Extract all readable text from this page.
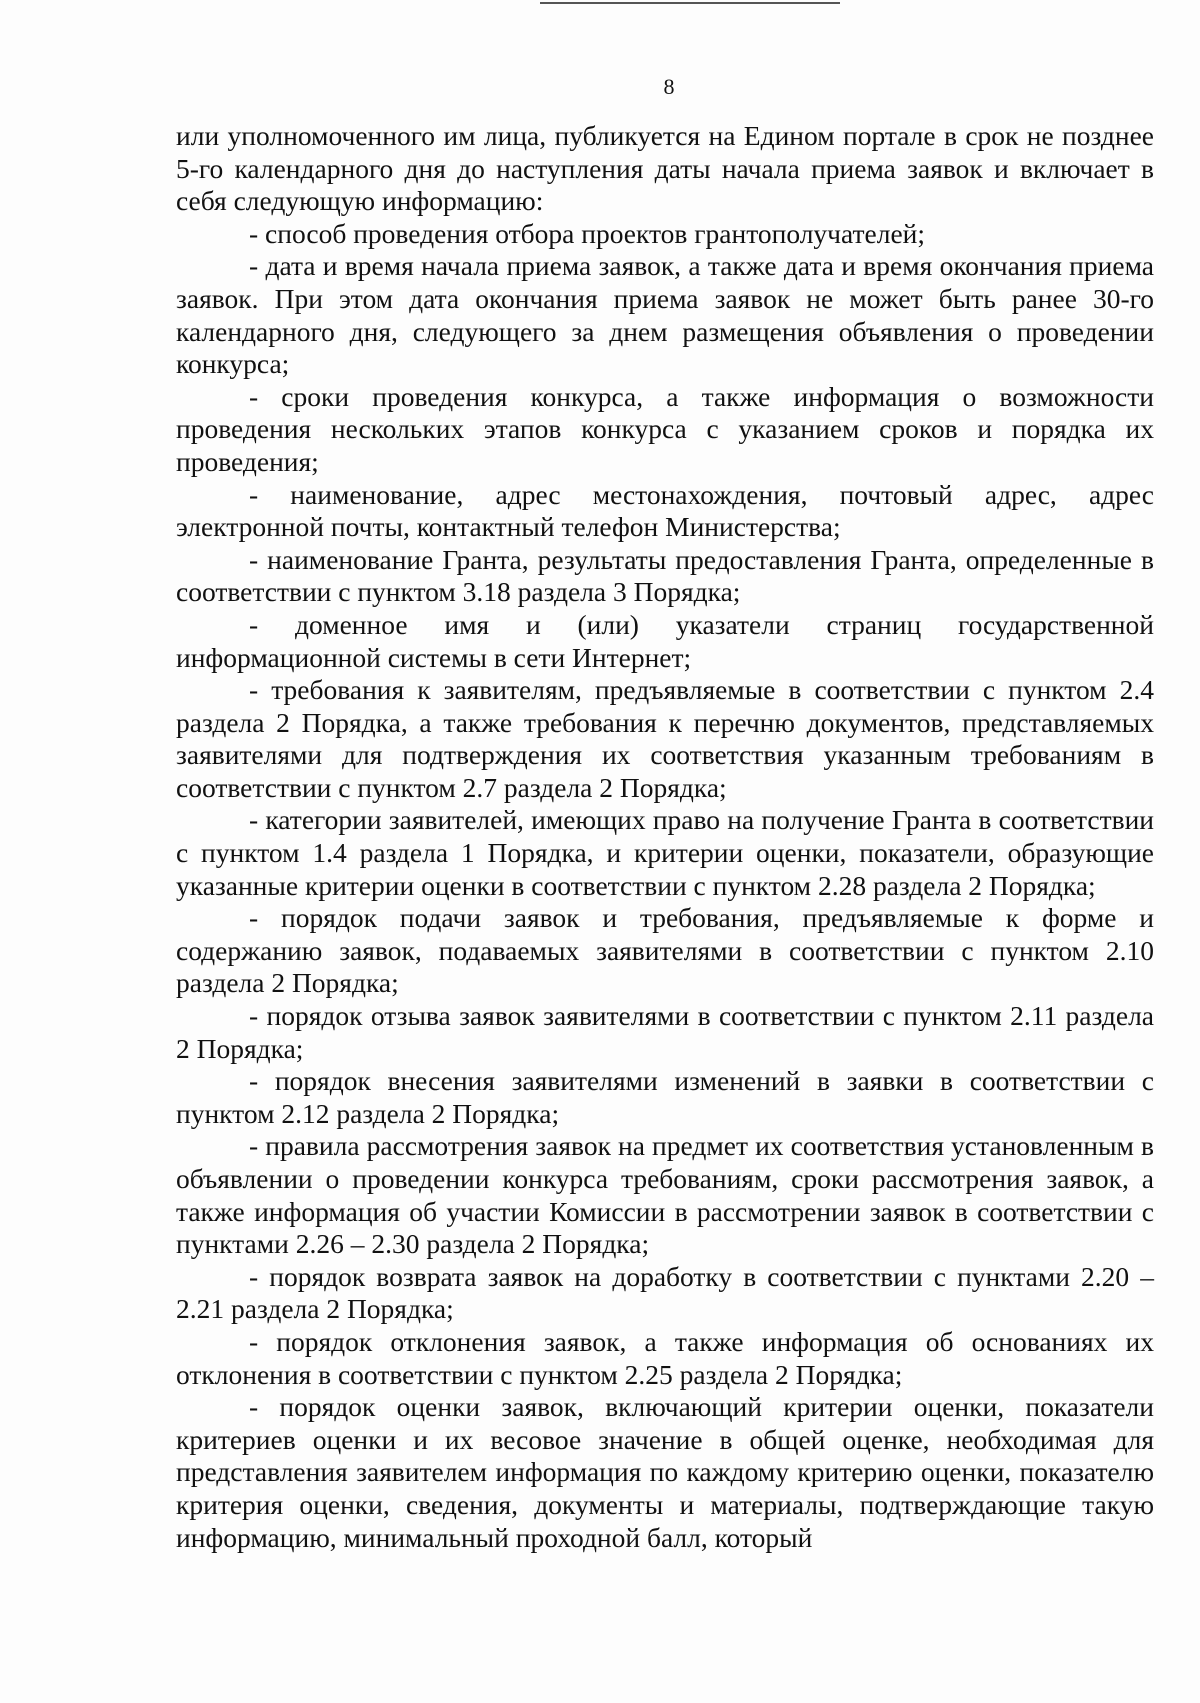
8

или уполномоченного им лица, публикуется на Едином портале в срок не позднее 5-го календарного дня до наступления даты начала приема заявок и включает в себя следующую информацию:

- способ проведения отбора проектов грантополучателей;

- дата и время начала приема заявок, а также дата и время окончания приема заявок. При этом дата окончания приема заявок не может быть ранее 30-го календарного дня, следующего за днем размещения объявления о проведении конкурса;

- сроки проведения конкурса, а также информация о возможности проведения нескольких этапов конкурса с указанием сроков и порядка их проведения;

- наименование, адрес местонахождения, почтовый адрес, адрес электронной почты, контактный телефон Министерства;

- наименование Гранта, результаты предоставления Гранта, определенные в соответствии с пунктом 3.18 раздела 3 Порядка;

- доменное имя и (или) указатели страниц государственной информационной системы в сети Интернет;

- требования к заявителям, предъявляемые в соответствии с пунктом 2.4 раздела 2 Порядка, а также требования к перечню документов, представляемых заявителями для подтверждения их соответствия указанным требованиям в соответствии с пунктом 2.7 раздела 2 Порядка;

- категории заявителей, имеющих право на получение Гранта в соответствии с пунктом 1.4 раздела 1 Порядка, и критерии оценки, показатели, образующие указанные критерии оценки в соответствии с пунктом 2.28 раздела 2 Порядка;

- порядок подачи заявок и требования, предъявляемые к форме и содержанию заявок, подаваемых заявителями в соответствии с пунктом 2.10 раздела 2 Порядка;

- порядок отзыва заявок заявителями в соответствии с пунктом 2.11 раздела 2 Порядка;

- порядок внесения заявителями изменений в заявки в соответствии с пунктом 2.12 раздела 2 Порядка;

- правила рассмотрения заявок на предмет их соответствия установленным в объявлении о проведении конкурса требованиям, сроки рассмотрения заявок, а также информация об участии Комиссии в рассмотрении заявок в соответствии с пунктами 2.26 – 2.30 раздела 2 Порядка;

- порядок возврата заявок на доработку в соответствии с пунктами 2.20 – 2.21 раздела 2 Порядка;

- порядок отклонения заявок, а также информация об основаниях их отклонения в соответствии с пунктом 2.25 раздела 2 Порядка;

- порядок оценки заявок, включающий критерии оценки, показатели критериев оценки и их весовое значение в общей оценке, необходимая для представления заявителем информация по каждому критерию оценки, показателю критерия оценки, сведения, документы и материалы, подтверждающие такую информацию, минимальный проходной балл, который
